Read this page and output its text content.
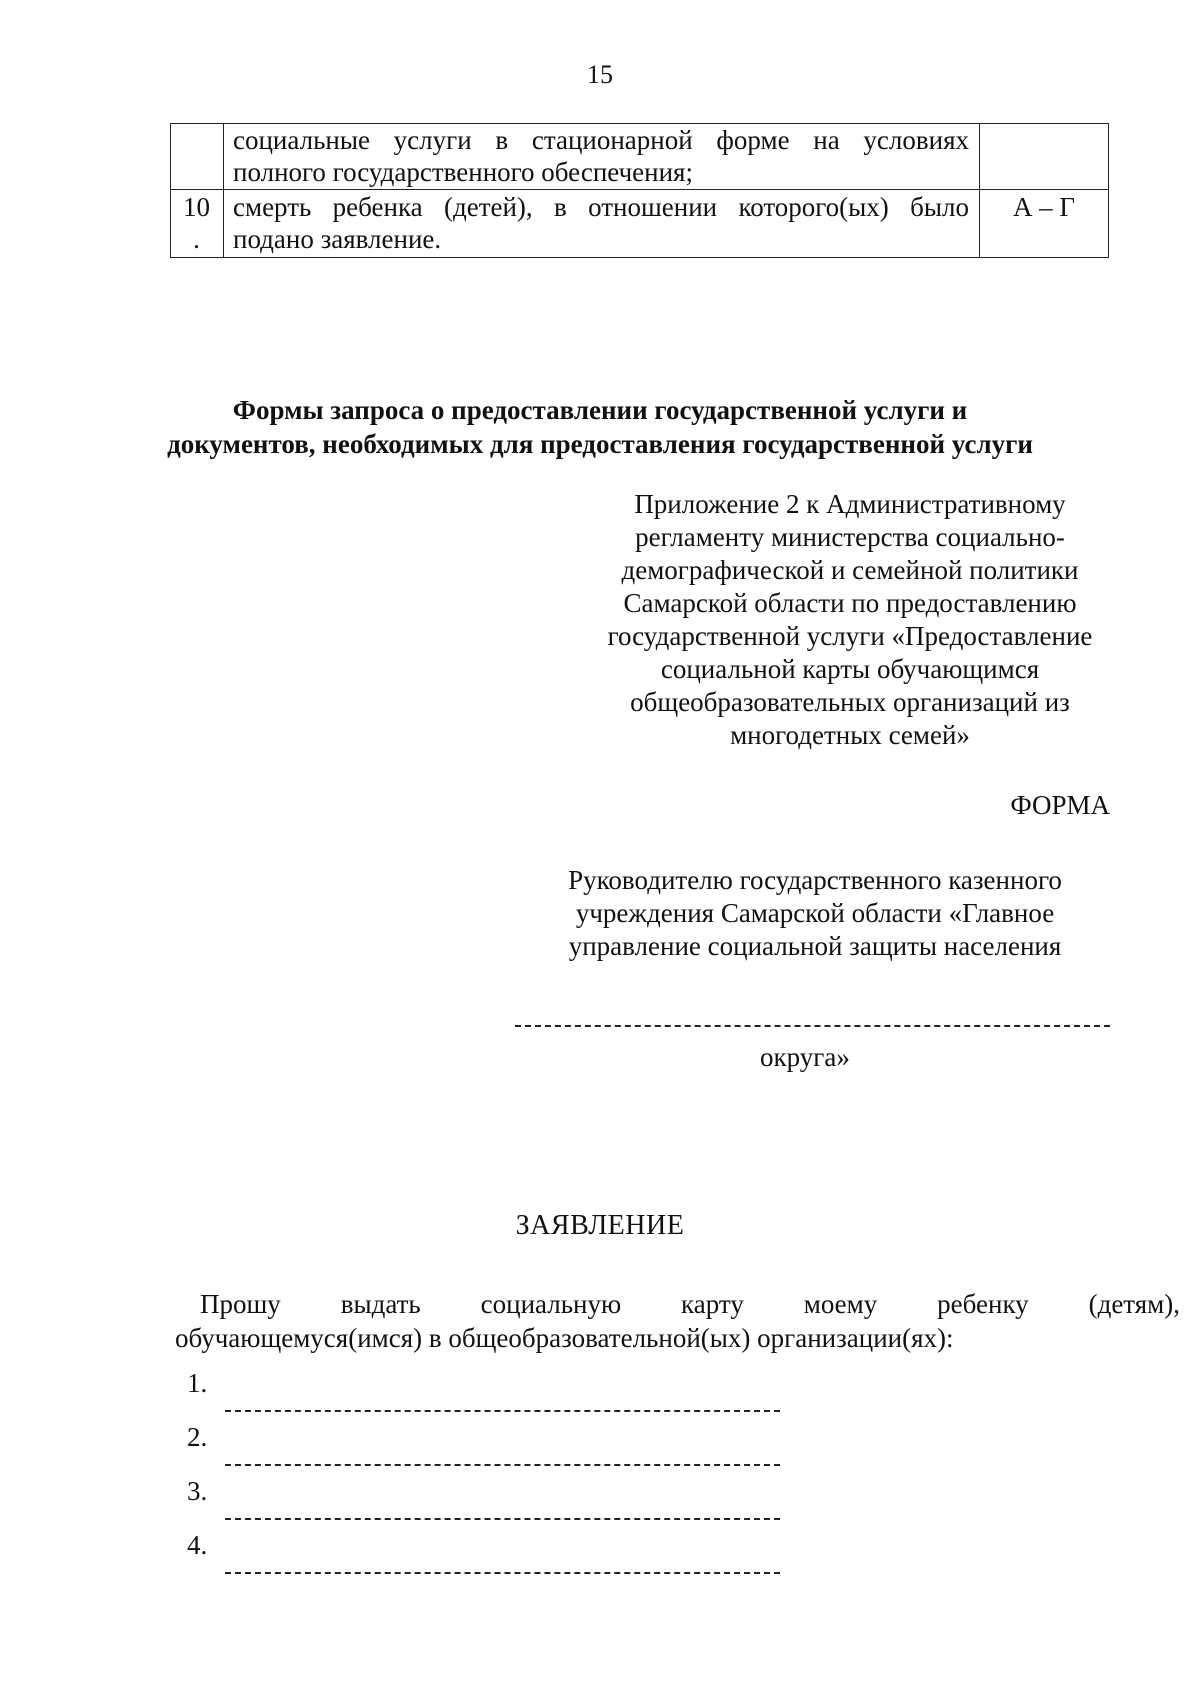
15
социальные услуги в стационарной форме на условиях
полного государственного обеспечения;
10
.
смерть ребенка (детей), в отношении которого(ых) было
подано заявление.
А – Г
Формы запроса о предоставлении государственной услуги и
документов, необходимых для предоставления государственной услуги
Приложение 2 к Административному
регламенту министерства социально-
демографической и семейной политики
Самарской области по предоставлению
государственной услуги «Предоставление
социальной карты обучающимся
общеобразовательных организаций из
многодетных семей»
ФОРМА
Руководителю государственного казенного
учреждения Самарской области «Главное
управление социальной защиты населения
округа»
ЗАЯВЛЕНИЕ
Прошу выдать социальную карту моему ребенку (детям),
обучающемуся(имся) в общеобразовательной(ых) организации(ях):
1.
2.
3.
4.
